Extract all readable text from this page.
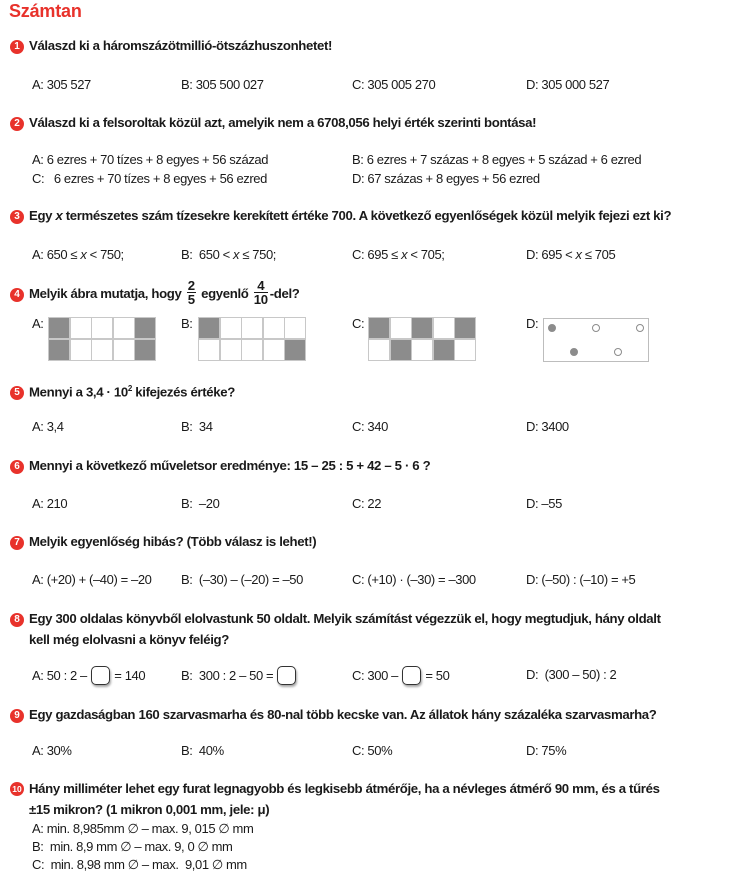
Számtan
1 Válaszd ki a háromszázötmillió-ötszázhuszonhetet!
A: 305 527	B: 305 500 027	C: 305 005 270	D: 305 000 527
2 Válaszd ki a felsoroltak közül azt, amelyik nem a 6708,056 helyi érték szerinti bontása!
A: 6 ezres + 70 tízes + 8 egyes + 56 század	B: 6 ezres + 7 százas + 8 egyes + 5 század + 6 ezred
C:   6 ezres + 70 tízes + 8 egyes + 56 ezred	D: 67 százas + 8 egyes + 56 ezred
3 Egy x természetes szám tízesekre kerekített értéke 700. A következő egyenlőségek közül melyik fejezi ezt ki?
A: 650 ≤ x < 750;	B:  650 < x ≤ 750;	C: 695 ≤ x < 705;	D: 695 < x ≤ 705
4 Melyik ábra mutatja, hogy $\frac{2}{5}$ egyenlő $\frac{4}{10} -del$?
A:	B:	C:	D:
5 Mennyi a $3,4 \cdot 10^2$ kifejezés értéke?
A: 3,4	B:  34	C: 340	D: 3400
6 Mennyi a következő műveletsor eredménye: 15 – 25 : 5 + 42 – 5 · 6 ?
A: 210	B:  –20	C: 22	D: –55
7 Melyik egyenlőség hibás? (Több válasz is lehet!)
A: (+20) + (–40) = –20 B:  (–30) – (–20) = –50	C: (+10) · (–30) = –300	D: (–50) : (–10) = +5
8 Egy 300 oldalas könyvből elolvastunk 50 oldalt. Melyik számítást végezzük el, hogy megtudjuk, hány oldalt
kell még elolvasni a könyv feléig?
A: 50 : 2 –  = 140	B:  300 : 2 – 50 =	C: 300 –  = 50	D:  (300 – 50) : 2
9 Egy gazdaságban 160 szarvasmarha és 80-nal több kecske van. Az állatok hány százaléka szarvasmarha?
A: 30%	B:  40%	C: 50%	D: 75%
10 Hány milliméter lehet egy furat legnagyobb és legkisebb átmérője, ha a névleges átmérő 90 mm, és a tűrés
±15 mikron? (1 mikron 0,001 mm, jele: μ)
A: min. 8,985mm ∅ – max. 9, 015 ∅ mm
B:  min. 8,9 mm ∅ – max. 9, 0 ∅ mm
C:  min. 8,98 mm ∅ – max.  9,01 ∅ mm
